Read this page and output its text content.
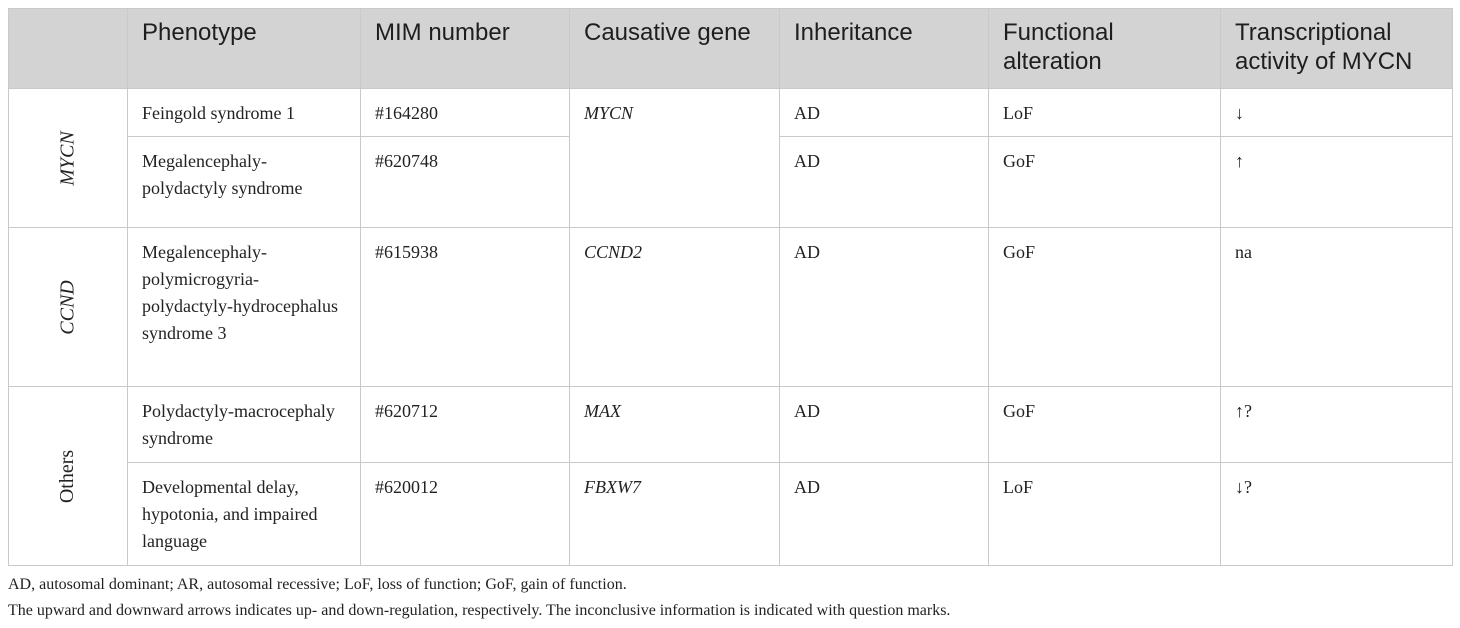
	Phenotype	MIM number	Causative gene	Inheritance	Functional alteration	Transcriptional activity of MYCN
MYCN	Feingold syndrome 1	#164280	MYCN	AD	LoF	↓
	Megalencephaly-polydactyly syndrome	#620748		AD	GoF	↑
CCND	Megalencephaly-polymicrogyria-polydactyly-hydrocephalus syndrome 3	#615938	CCND2	AD	GoF	na
Others	Polydactyly-macrocephaly syndrome	#620712	MAX	AD	GoF	↑?
	Developmental delay, hypotonia, and impaired language	#620012	FBXW7	AD	LoF	↓?

AD, autosomal dominant; AR, autosomal recessive; LoF, loss of function; GoF, gain of function.

The upward and downward arrows indicates up- and down-regulation, respectively. The inconclusive information is indicated with question marks.
